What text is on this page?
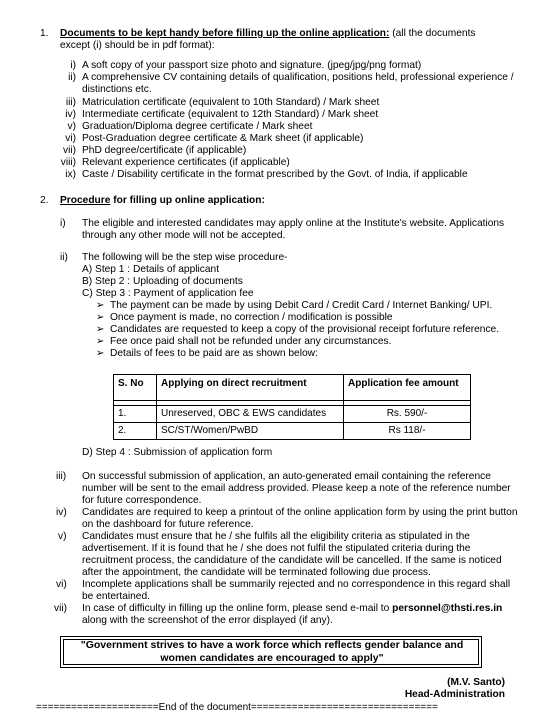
1. Documents to be kept handy before filling up the online application: (all the documents
except (i) should be in pdf format):
i) A soft copy of your passport size photo and signature. (jpeg/jpg/png format)
ii) A comprehensive CV containing details of qualification, positions held, professional experience /
distinctions etc.
iii) Matriculation certificate (equivalent to 10th Standard) / Mark sheet
iv) Intermediate certificate (equivalent to 12th Standard) / Mark sheet
v) Graduation/Diploma degree certificate / Mark sheet
vi) Post-Graduation degree certificate & Mark sheet (if applicable)
vii) PhD degree/certificate (if applicable)
viii) Relevant experience certificates (if applicable)
ix) Caste / Disability certificate in the format prescribed by the Govt. of India, if applicable
2. Procedure for filling up online application:
i) The eligible and interested candidates may apply online at the Institute's website. Applications
through any other mode will not be accepted.
ii) The following will be the step wise procedure-
A) Step 1 : Details of applicant
B) Step 2 : Uploading of documents
C) Step 3 : Payment of application fee
➢ The payment can be made by using Debit Card / Credit Card / Internet Banking/ UPI.
➢ Once payment is made, no correction / modification is possible
➢ Candidates are requested to keep a copy of the provisional receipt forfuture reference.
➢ Fee once paid shall not be refunded under any circumstances.
➢ Details of fees to be paid are as shown below:
S. No	Applying on direct recruitment	Application fee amount

1.	Unreserved, OBC & EWS candidates	Rs. 590/-
2.	SC/ST/Women/PwBD	Rs 118/-
D) Step 4 : Submission of application form
iii) On successful submission of application, an auto-generated email containing the reference
number will be sent to the email address provided. Please keep a note of the reference number
for future correspondence.
iv) Candidates are required to keep a printout of the online application form by using the print button
on the dashboard for future reference.
v) Candidates must ensure that he / she fulfils all the eligibility criteria as stipulated in the
advertisement. If it is found that he / she does not fulfil the stipulated criteria during the
recruitment process, the candidature of the candidate will be cancelled. If the same is noticed
after the appointment, the candidate will be terminated following due process.
vi) Incomplete applications shall be summarily rejected and no correspondence in this regard shall
be entertained.
vii) In case of difficulty in filling up the online form, please send e-mail to personnel@thsti.res.in
along with the screenshot of the error displayed (if any).
"Government strives to have a work force which reflects gender balance and
women candidates are encouraged to apply"
(M.V. Santo)
Head-Administration
=====================End of the document================================
